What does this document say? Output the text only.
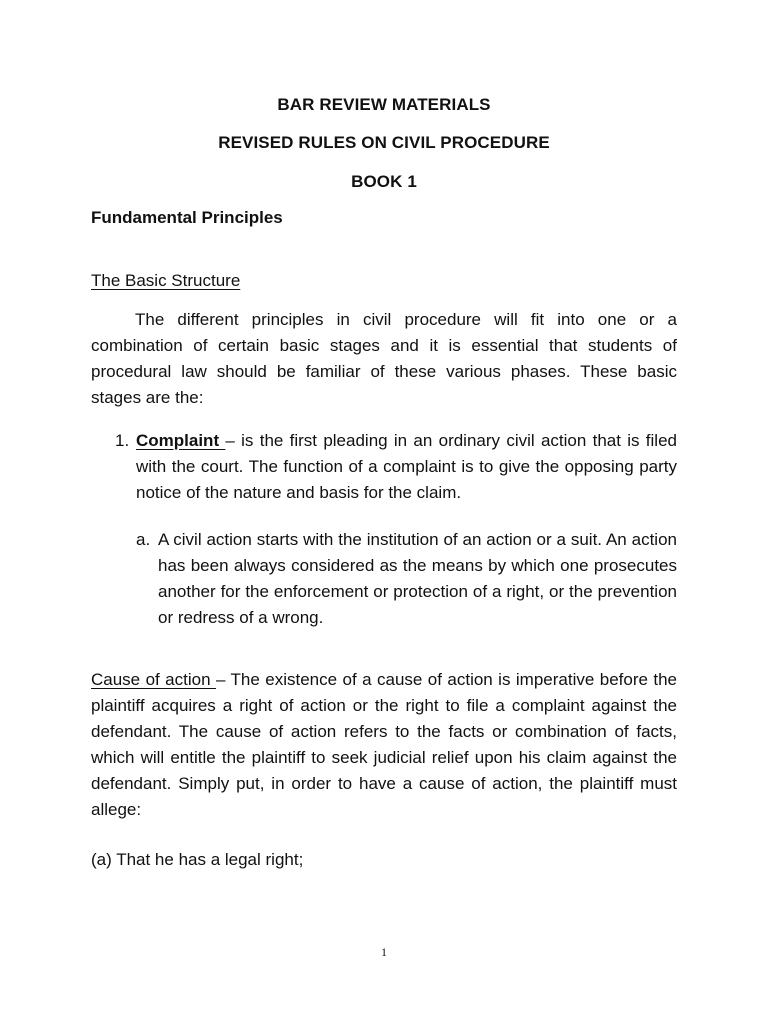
BAR REVIEW MATERIALS
REVISED RULES ON CIVIL PROCEDURE
BOOK 1
Fundamental Principles
The Basic Structure
The different principles in civil procedure will fit into one or a combination of certain basic stages and it is essential that students of procedural law should be familiar of these various phases. These basic stages are the:
1. Complaint – is the first pleading in an ordinary civil action that is filed with the court. The function of a complaint is to give the opposing party notice of the nature and basis for the claim.
a. A civil action starts with the institution of an action or a suit. An action has been always considered as the means by which one prosecutes another for the enforcement or protection of a right, or the prevention or redress of a wrong.
Cause of action – The existence of a cause of action is imperative before the plaintiff acquires a right of action or the right to file a complaint against the defendant. The cause of action refers to the facts or combination of facts, which will entitle the plaintiff to seek judicial relief upon his claim against the defendant. Simply put, in order to have a cause of action, the plaintiff must allege:
(a) That he has a legal right;
1
